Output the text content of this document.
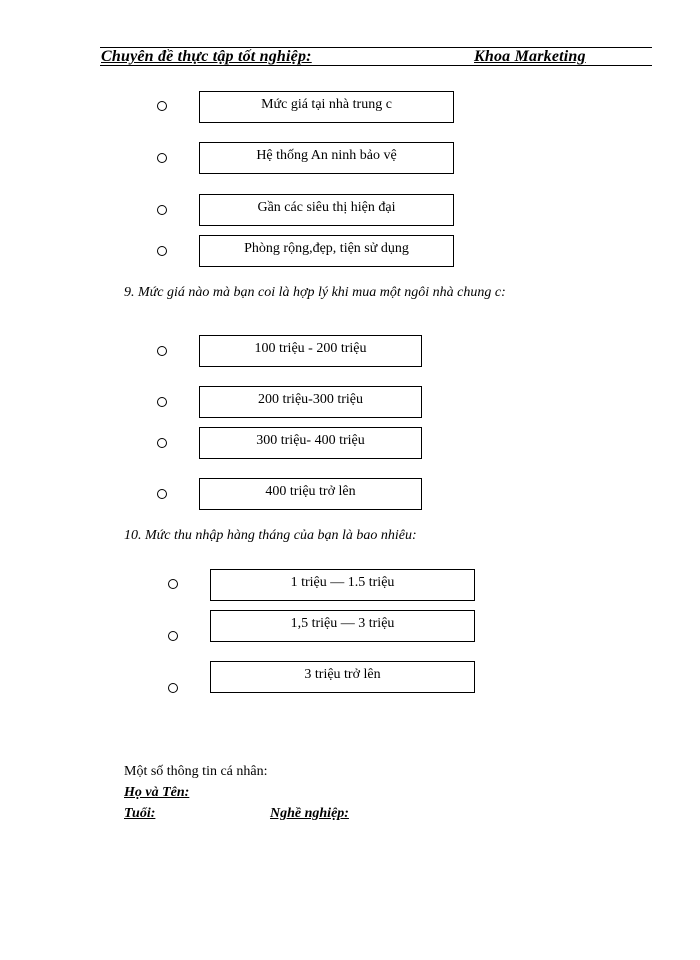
Chuyên đề thực tập tốt nghiệp:	Khoa Marketing
Mức giá tại nhà trung c
Hệ thống An ninh bảo vệ
Gần các siêu thị hiện đại
Phòng rộng,đẹp, tiện sử dụng
9. Mức giá nào mà bạn coi là hợp lý khi mua một ngôi nhà chung c:
100 triệu - 200 triệu
200 triệu-300 triệu
300 triệu- 400 triệu
400 triệu trở lên
10. Mức thu nhập hàng tháng của bạn là bao nhiêu:
1 triệu — 1.5 triệu
1,5 triệu — 3 triệu
3 triệu trở lên
Một số thông tin cá nhân:
Họ và Tên:
Tuổi:	Nghề nghiệp:
